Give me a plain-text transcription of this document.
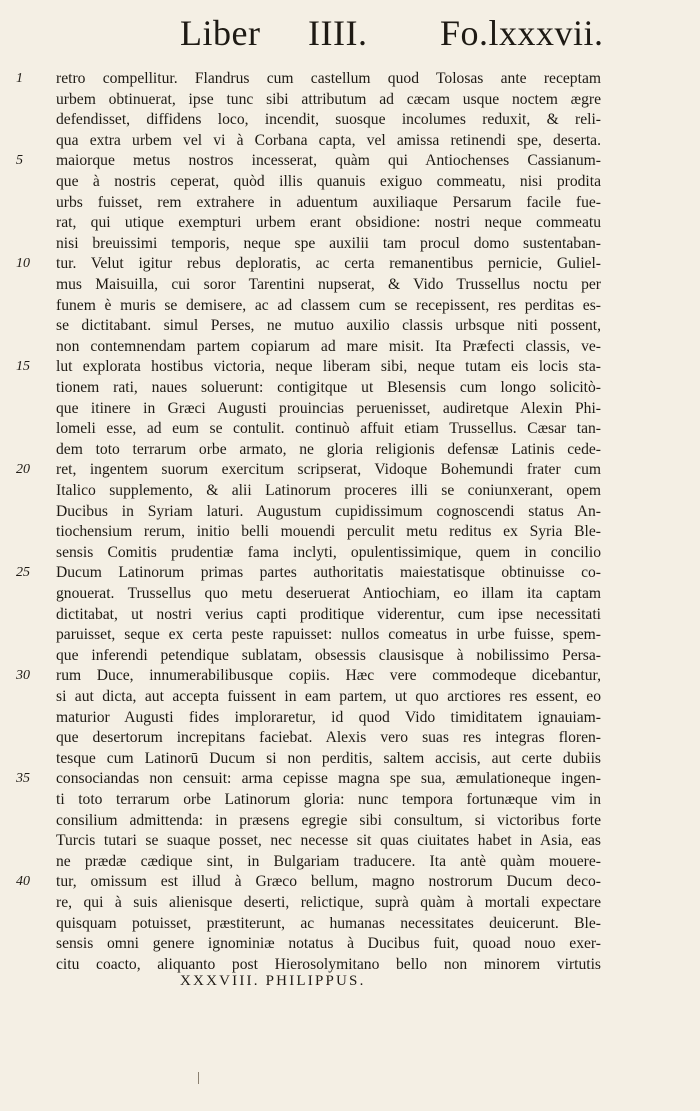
Liber IIII. Fo.lxxxvii.
retro compellitur. Flandrus cum castellum quod Tolosas ante receptam
urbem obtinuerat, ipse tunc sibi attributum ad cæcam usque noctem ægre
defendisset, diffidens loco, incendit, suosque incolumes reduxit, & reli-
qua extra urbem vel vi à Corbana capta, vel amissa retinendi spe, deserta.
maiorque metus nostros incesserat, quàm qui Antiochenses Cassianum-
que à nostris ceperat, quòd illis quanuis exiguo commeatu, nisi prodita
urbs fuisset, rem extrahere in aduentum auxiliaque Persarum facile fue-
rat, qui utique exempturi urbem erant obsidione: nostri neque commeatu
nisi breuissimi temporis, neque spe auxilii tam procul domo sustentaban-
tur. Velut igitur rebus deploratis, ac certa remanentibus pernicie, Guliel-
mus Maisuilla, cui soror Tarentini nupserat, & Vido Trussellus noctu per
funem è muris se demisere, ac ad classem cum se recepissent, res perditas es-
se dictitabant. simul Perses, ne mutuo auxilio classis urbsque niti possent,
non contemnendam partem copiarum ad mare misit. Ita Præfecti classis, ve-
lut explorata hostibus victoria, neque liberam sibi, neque tutam eis locis sta-
tionem rati, naues soluerunt: contigitque ut Blesensis cum longo solicitò-
que itinere in Græci Augusti prouincias peruenisset, audiretque Alexin Phi-
lomeli esse, ad eum se contulit. continuò affuit etiam Trussellus. Cæsar tan-
dem toto terrarum orbe armato, ne gloria religionis defensæ Latinis cede-
ret, ingentem suorum exercitum scripserat, Vidoque Bohemundi frater cum
Italico supplemento, & alii Latinorum proceres illi se coniunxerant, opem
Ducibus in Syriam laturi. Augustum cupidissimum cognoscendi status An-
tiochensium rerum, initio belli mouendi perculit metu reditus ex Syria Ble-
sensis Comitis prudentiæ fama inclyti, opulentissimique, quem in concilio
Ducum Latinorum primas partes authoritatis maiestatisque obtinuisse co-
gnouerat. Trussellus quo metu deseruerat Antiochiam, eo illam ita captam
dictitabat, ut nostri verius capti proditique viderentur, cum ipse necessitati
paruisset, seque ex certa peste rapuisset: nullos comeatus in urbe fuisse, spem-
que inferendi petendique sublatam, obsessis clausisque à nobilissimo Persa-
rum Duce, innumerabilibusque copiis. Hæc vere commodeque dicebantur,
si aut dicta, aut accepta fuissent in eam partem, ut quo arctiores res essent, eo
maturior Augusti fides imploraretur, id quod Vido timiditatem ignauiam-
que desertorum increpitans faciebat. Alexis vero suas res integras floren-
tesque cum Latinorū Ducum si non perditis, saltem accisis, aut certe dubiis
consociandas non censuit: arma cepisse magna spe sua, æmulationeque ingen-
ti toto terrarum orbe Latinorum gloria: nunc tempora fortunæque vim in
consilium admittenda: in præsens egregie sibi consultum, si victoribus forte
Turcis tutari se suaque posset, nec necesse sit quas ciuitates habet in Asia, eas
ne prædæ cædique sint, in Bulgariam traducere. Ita antè quàm mouere-
tur, omissum est illud à Græco bellum, magno nostrorum Ducum deco-
re, qui à suis alienisque deserti, relictique, suprà quàm à mortali expectare
quisquam potuisset, præstiterunt, ac humanas necessitates deuicerunt. Ble-
sensis omni genere ignominiæ notatus à Ducibus fuit, quoad nouo exer-
citu coacto, aliquanto post Hierosolymitano bello non minorem virtutis
1
5
10
15
20
25
30
35
40
XXXVIII. PHILIPPUS.
